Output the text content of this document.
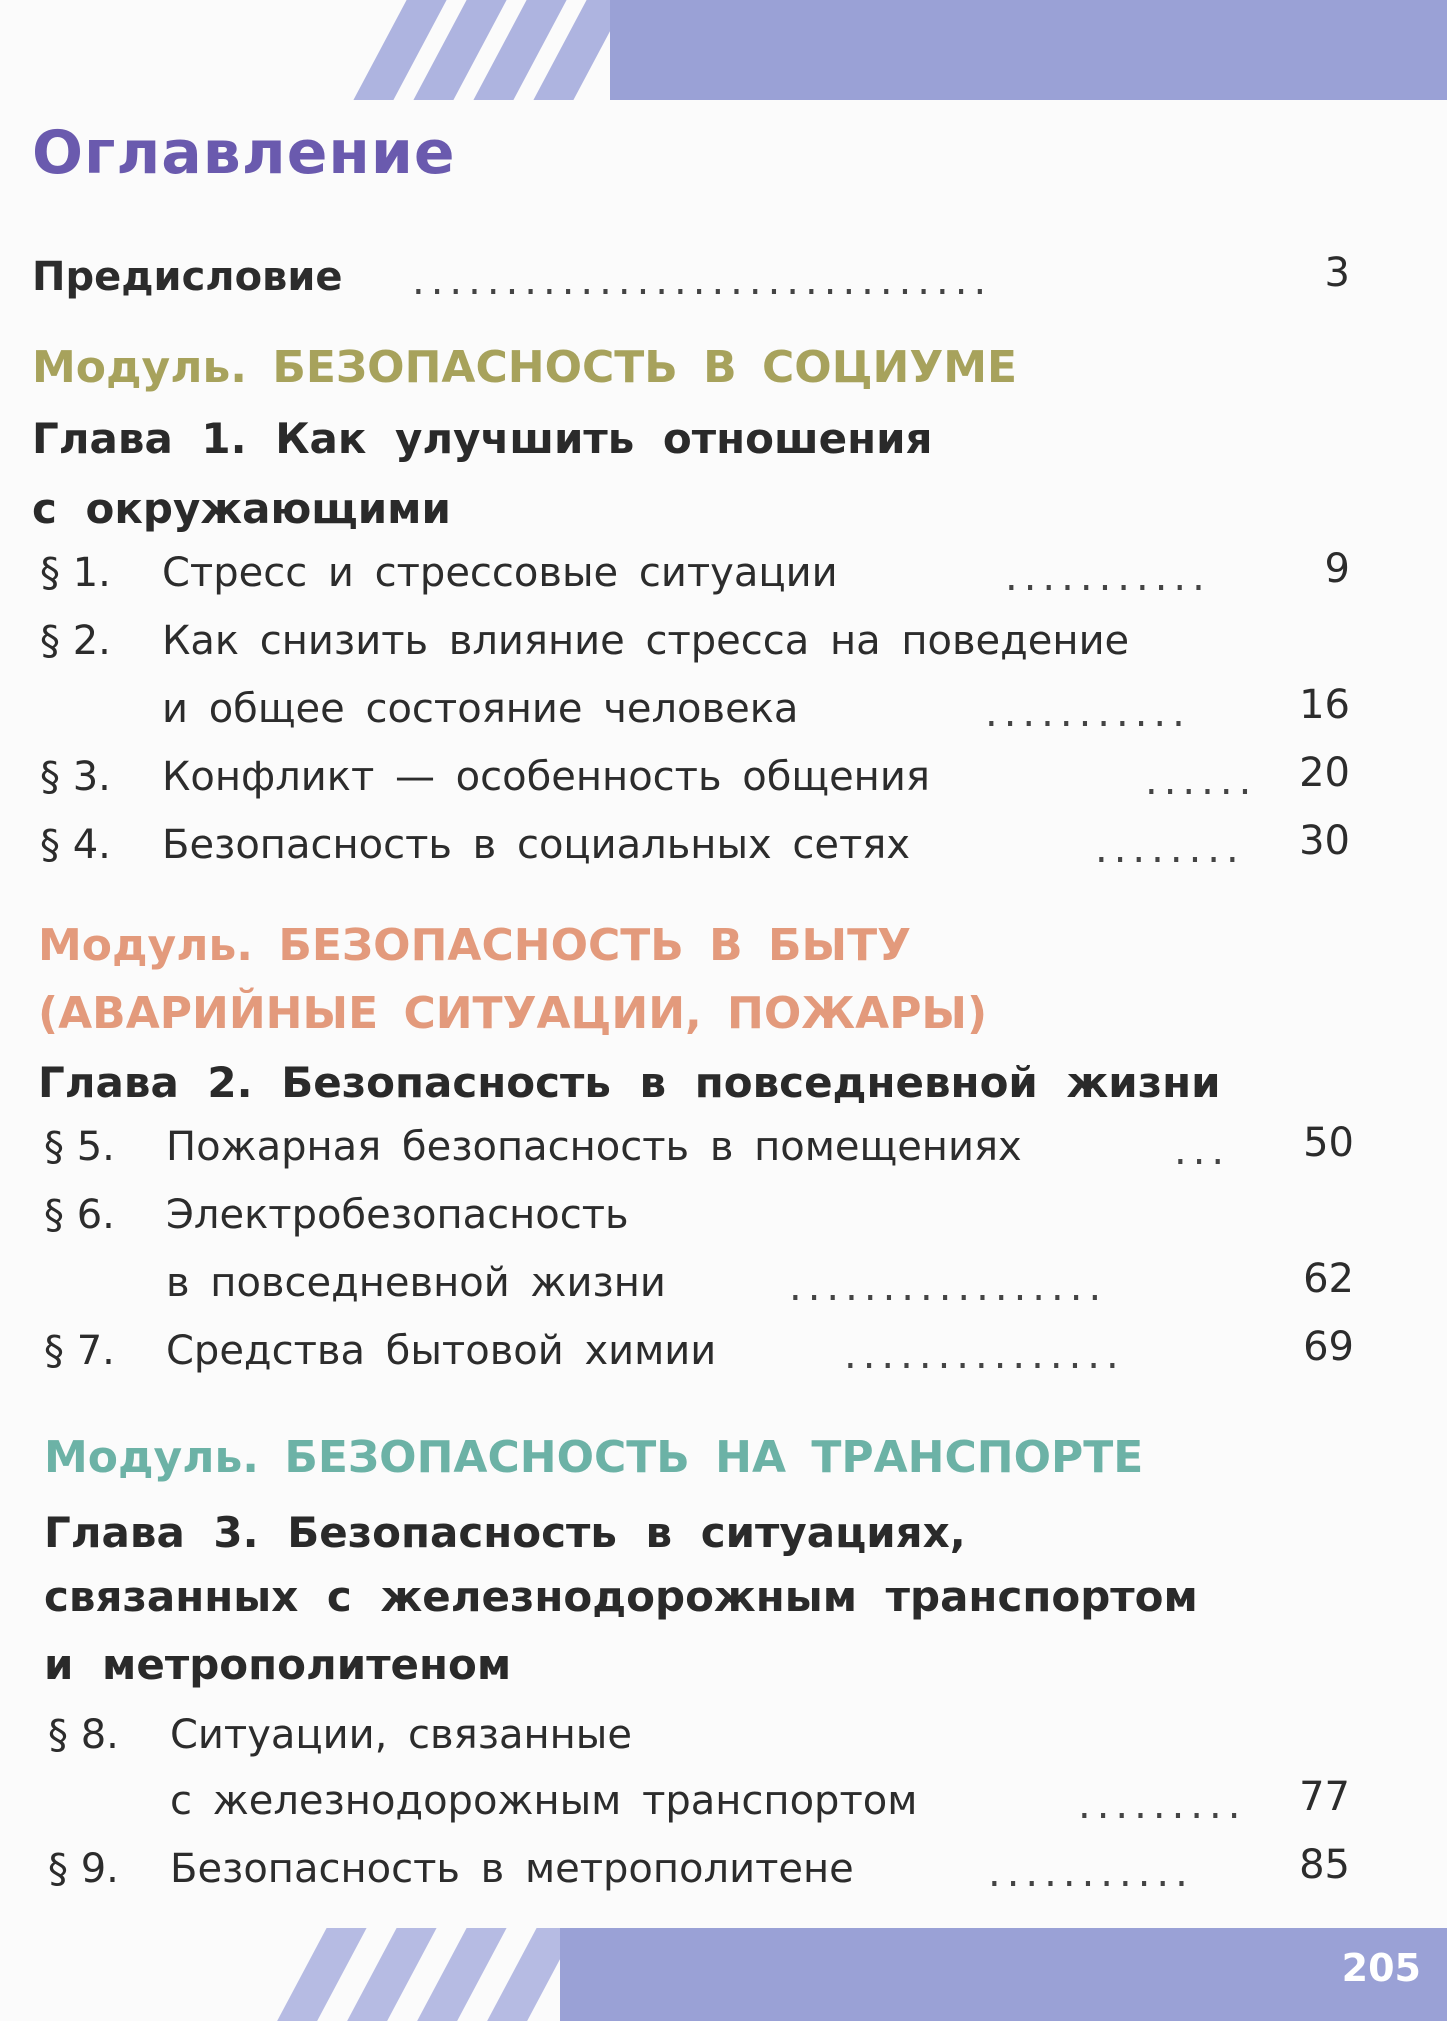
Оглавление
Предисловие ...............................	3
Модуль. БЕЗОПАСНОСТЬ В СОЦИУМЕ
Глава 1. Как улучшить отношения
с окружающими
§ 1. Стресс и стрессовые ситуации	...........	9
§ 2. Как снизить влияние стресса на поведение
и общее состояние человека	...........	16
§ 3. Конфликт — особенность общения	...... 20
§ 4. Безопасность в социальных сетях	........ 30
Модуль. БЕЗОПАСНОСТЬ В БЫТУ
(АВАРИЙНЫЕ СИТУАЦИИ, ПОЖАРЫ)
Глава 2. Безопасность в повседневной жизни
§ 5. Пожарная безопасность в помещениях	... 50
§ 6. Электробезопасность
в повседневной жизни	.................	62
§ 7. Средства бытовой химии	...............	69
Модуль. БЕЗОПАСНОСТЬ НА ТРАНСПОРТЕ
Глава 3. Безопасность в ситуациях,
связанных с железнодорожным транспортом
и метрополитеном
§ 8. Ситуации, связанные
с железнодорожным транспортом	......... 77
§ 9. Безопасность в метрополитене	...........	85
205
